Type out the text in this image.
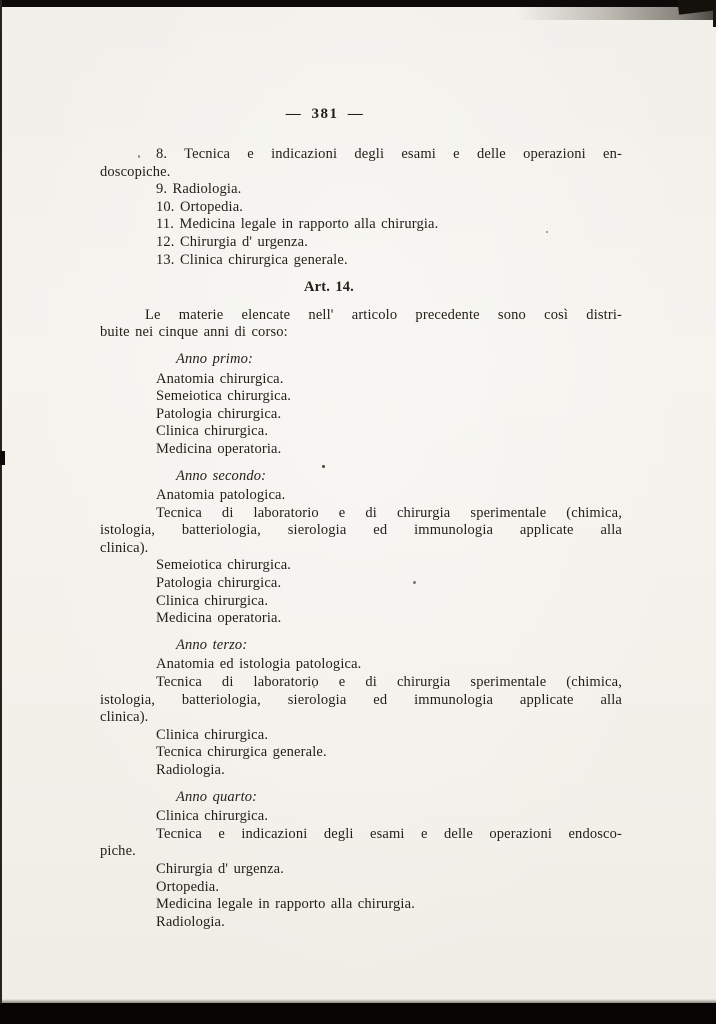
— 381 —
8. Tecnica e indicazioni degli esami e delle operazioni en-
doscopiche.
9. Radiologia.
10. Ortopedia.
11. Medicina legale in rapporto alla chirurgia.
12. Chirurgia d' urgenza.
13. Clinica chirurgica generale.
Art. 14.
Le materie elencate nell' articolo precedente sono così distri-
buite nei cinque anni di corso:
Anno primo:
Anatomia chirurgica.
Semeiotica chirurgica.
Patologia chirurgica.
Clinica chirurgica.
Medicina operatoria.
Anno secondo:
Anatomia patologica.
Tecnica di laboratorio e di chirurgia sperimentale (chimica,
istologia, batteriologia, sierologia ed immunologia applicate alla
clinica).
Semeiotica chirurgica.
Patologia chirurgica.
Clinica chirurgica.
Medicina operatoria.
Anno terzo:
Anatomia ed istologia patologica.
Tecnica di laboratorio e di chirurgia sperimentale (chimica,
istologia, batteriologia, sierologia ed immunologia applicate alla
clinica).
Clinica chirurgica.
Tecnica chirurgica generale.
Radiologia.
Anno quarto:
Clinica chirurgica.
Tecnica e indicazioni degli esami e delle operazioni endosco-
piche.
Chirurgia d' urgenza.
Ortopedia.
Medicina legale in rapporto alla chirurgia.
Radiologia.
